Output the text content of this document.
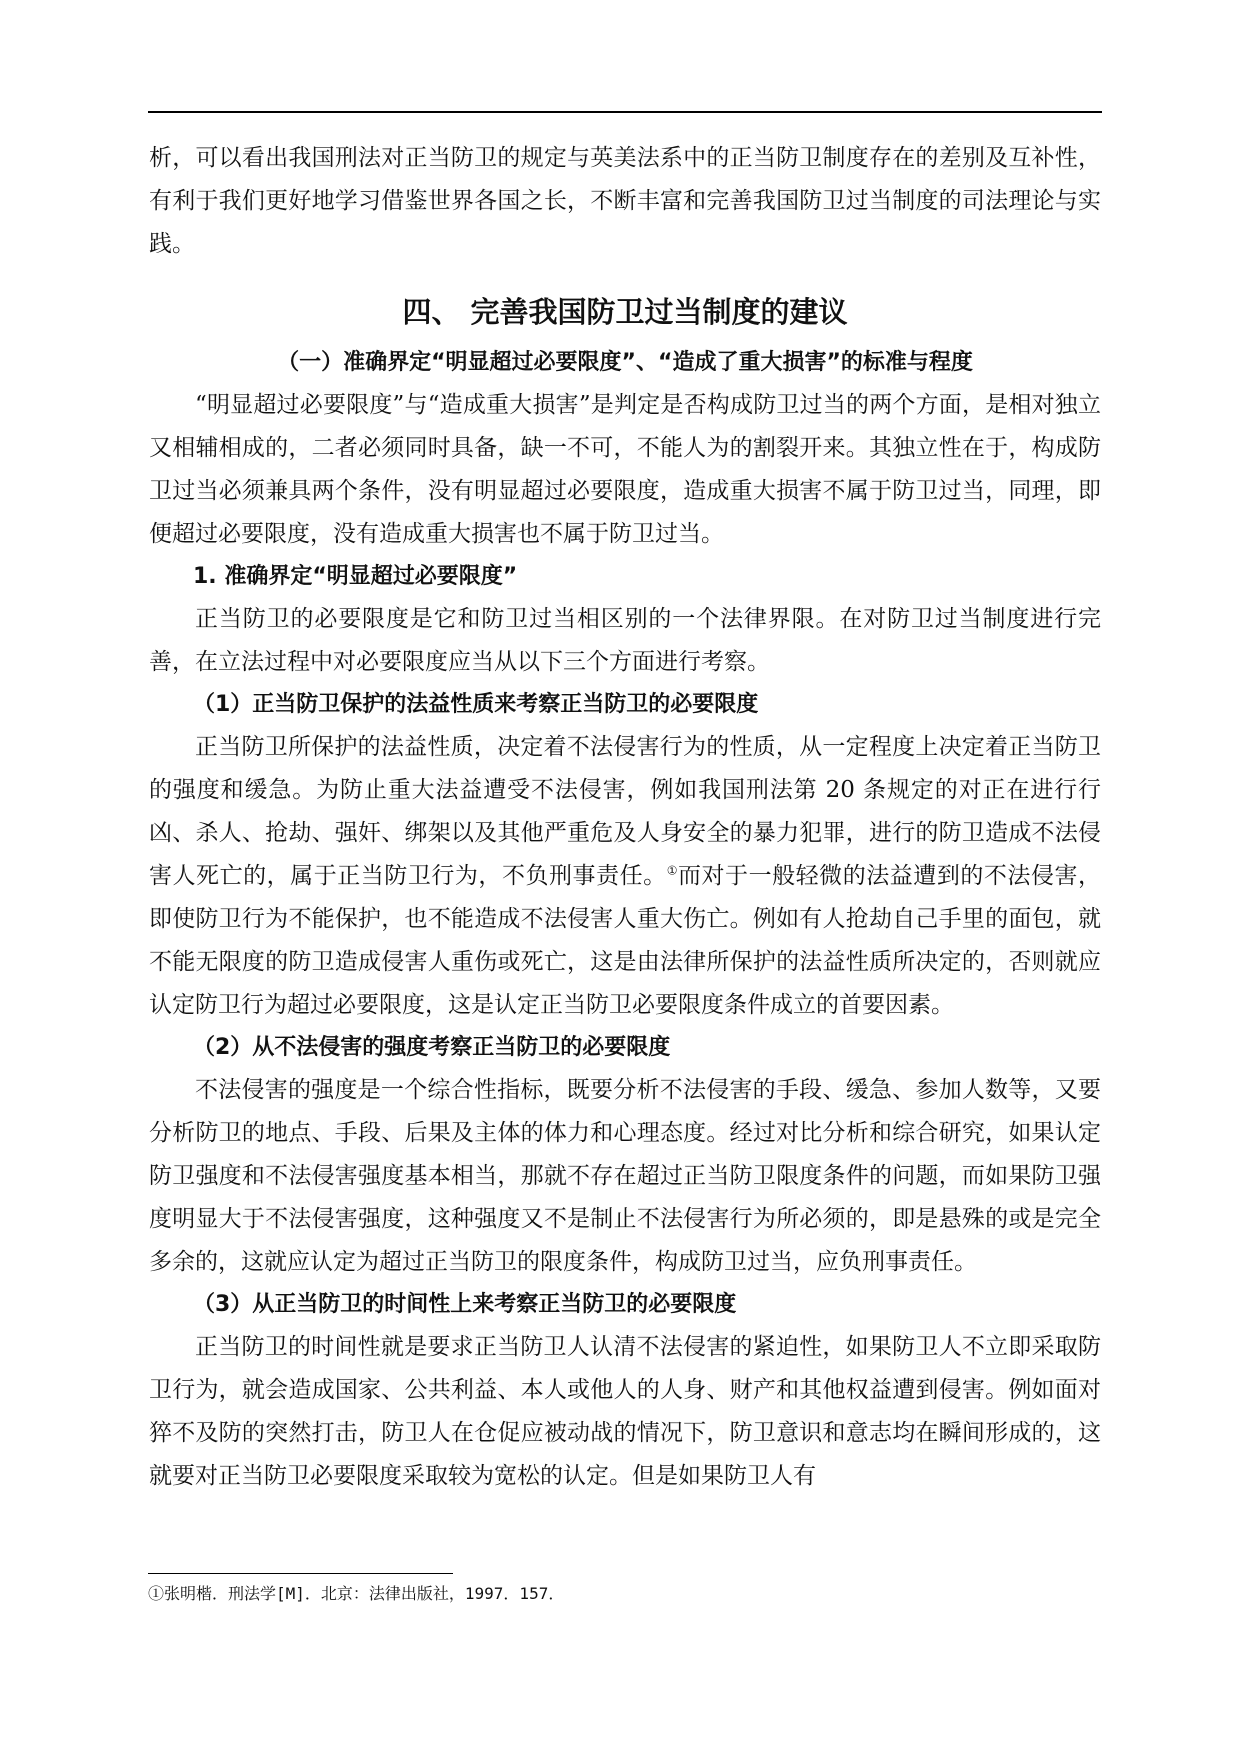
析，可以看出我国刑法对正当防卫的规定与英美法系中的正当防卫制度存在的差别及互补性，有利于我们更好地学习借鉴世界各国之长，不断丰富和完善我国防卫过当制度的司法理论与实践。

四、 完善我国防卫过当制度的建议
（一）准确界定“明显超过必要限度”、“造成了重大损害”的标准与程度

“明显超过必要限度”与“造成重大损害”是判定是否构成防卫过当的两个方面，是相对独立又相辅相成的，二者必须同时具备，缺一不可，不能人为的割裂开来。其独立性在于，构成防卫过当必须兼具两个条件，没有明显超过必要限度，造成重大损害不属于防卫过当，同理，即便超过必要限度，没有造成重大损害也不属于防卫过当。

1. 准确界定“明显超过必要限度”

正当防卫的必要限度是它和防卫过当相区别的一个法律界限。在对防卫过当制度进行完善，在立法过程中对必要限度应当从以下三个方面进行考察。

（1）正当防卫保护的法益性质来考察正当防卫的必要限度

正当防卫所保护的法益性质，决定着不法侵害行为的性质，从一定程度上决定着正当防卫的强度和缓急。为防止重大法益遭受不法侵害，例如我国刑法第 20 条规定的对正在进行行凶、杀人、抢劫、强奸、绑架以及其他严重危及人身安全的暴力犯罪，进行的防卫造成不法侵害人死亡的，属于正当防卫行为，不负刑事责任。①而对于一般轻微的法益遭到的不法侵害，即使防卫行为不能保护，也不能造成不法侵害人重大伤亡。例如有人抢劫自己手里的面包，就不能无限度的防卫造成侵害人重伤或死亡，这是由法律所保护的法益性质所决定的，否则就应认定防卫行为超过必要限度，这是认定正当防卫必要限度条件成立的首要因素。

（2）从不法侵害的强度考察正当防卫的必要限度

不法侵害的强度是一个综合性指标，既要分析不法侵害的手段、缓急、参加人数等，又要分析防卫的地点、手段、后果及主体的体力和心理态度。经过对比分析和综合研究，如果认定防卫强度和不法侵害强度基本相当，那就不存在超过正当防卫限度条件的问题，而如果防卫强度明显大于不法侵害强度，这种强度又不是制止不法侵害行为所必须的，即是悬殊的或是完全多余的，这就应认定为超过正当防卫的限度条件，构成防卫过当，应负刑事责任。

（3）从正当防卫的时间性上来考察正当防卫的必要限度

正当防卫的时间性就是要求正当防卫人认清不法侵害的紧迫性，如果防卫人不立即采取防卫行为，就会造成国家、公共利益、本人或他人的人身、财产和其他权益遭到侵害。例如面对猝不及防的突然打击，防卫人在仓促应被动战的情况下，防卫意识和意志均在瞬间形成的，这就要对正当防卫必要限度采取较为宽松的认定。但是如果防卫人有

①张明楷．刑法学[M]．北京：法律出版社，1997．157．
